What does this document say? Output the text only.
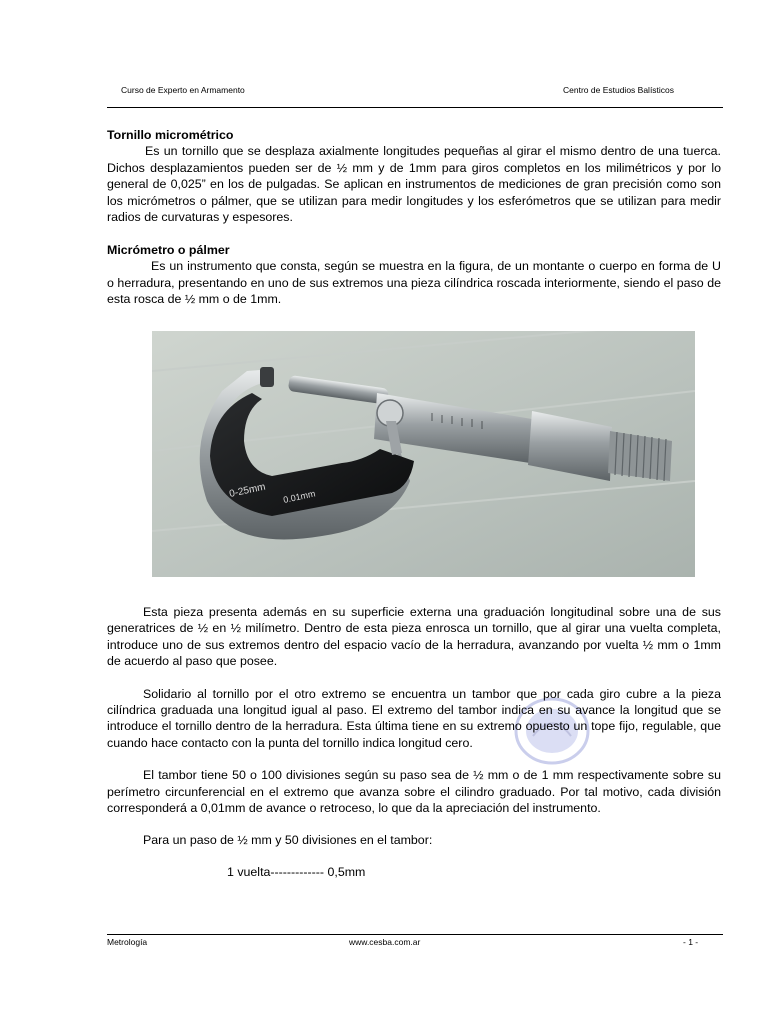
Curso de Experto en Armamento	Centro de Estudios Balísticos

Tornillo micrométrico

Es un tornillo que se desplaza axialmente longitudes pequeñas al girar el mismo dentro de una tuerca. Dichos desplazamientos pueden ser de ½ mm y de 1mm para giros completos en los milimétricos y por lo general de 0,025” en los de pulgadas. Se aplican en instrumentos de mediciones de gran precisión como son los micrómetros o pálmer, que se utilizan para medir longitudes y los esferómetros que se utilizan para medir radios de curvaturas y espesores.

Micrómetro o pálmer

Es un instrumento que consta, según se muestra en la figura, de un montante o cuerpo en forma de U o herradura, presentando en uno de sus extremos una pieza cilíndrica roscada interiormente, siendo el paso de esta rosca de ½ mm o de 1mm.

0-25mm 0.01mm

Esta pieza presenta además en su superficie externa una graduación longitudinal sobre una de sus generatrices de ½ en ½ milímetro. Dentro de esta pieza enrosca un tornillo, que al girar una vuelta completa, introduce uno de sus extremos dentro del espacio vacío de la herradura, avanzando por vuelta ½ mm o 1mm de acuerdo al paso que posee.

Solidario al tornillo por el otro extremo se encuentra un tambor que por cada giro cubre a la pieza cilíndrica graduada una longitud igual al paso. El extremo del tambor indica en su avance la longitud que se introduce el tornillo dentro de la herradura. Esta última tiene en su extremo opuesto un tope fijo, regulable, que cuando hace contacto con la punta del tornillo indica longitud cero.

El tambor tiene 50 o 100 divisiones según su paso sea de ½ mm o de 1 mm respectivamente sobre su perímetro circunferencial en el extremo que avanza sobre el cilindro graduado. Por tal motivo, cada división corresponderá a 0,01mm de avance o retroceso, lo que da la apreciación del instrumento.

Para un paso de ½ mm y 50 divisiones en el tambor:

1 vuelta------------- 0,5mm
Metrología	www.cesba.com.ar	- 1 -
